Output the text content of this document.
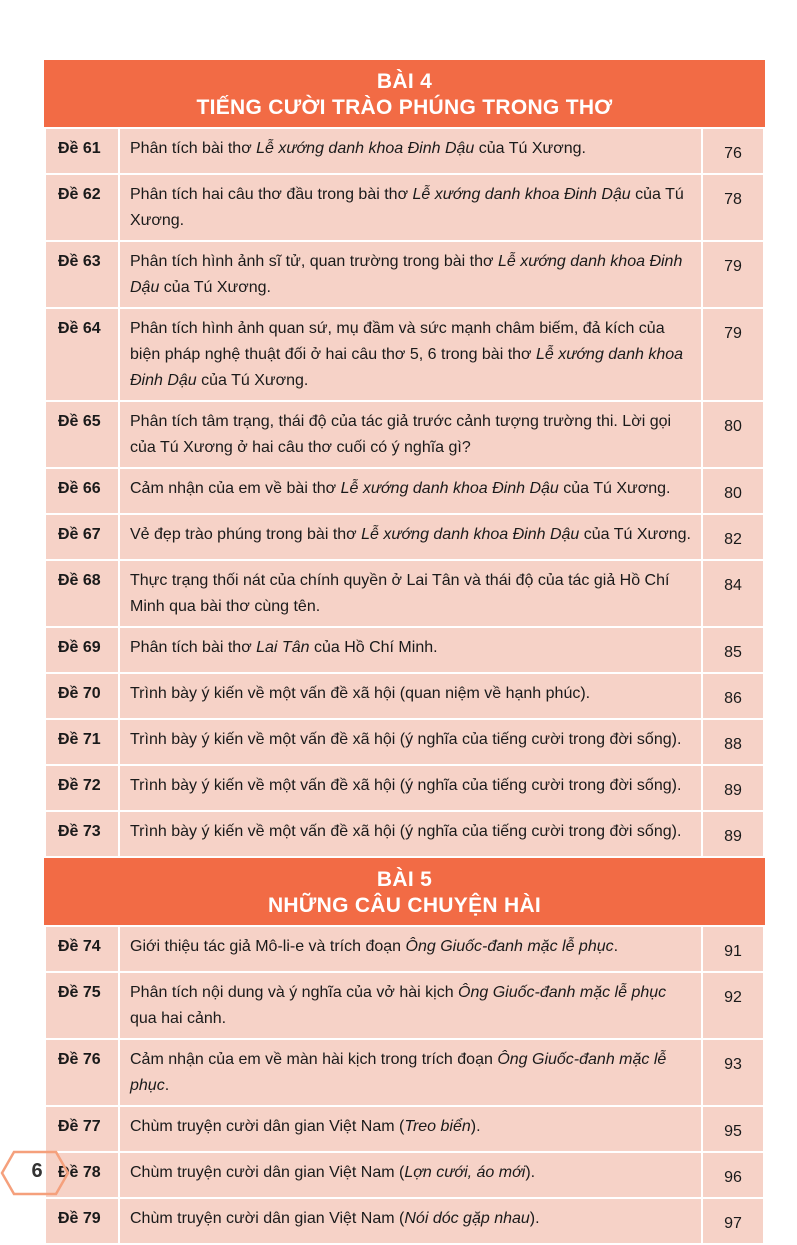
BÀI 4
TIẾNG CƯỜI TRÀO PHÚNG TRONG THƠ
Đề 61	Phân tích bài thơ Lễ xướng danh khoa Đinh Dậu của Tú Xương.	76
Đề 62	Phân tích hai câu thơ đầu trong bài thơ Lễ xướng danh khoa Đinh Dậu của Tú Xương.	78
Đề 63	Phân tích hình ảnh sĩ tử, quan trường trong bài thơ Lễ xướng danh khoa Đinh Dậu của Tú Xương.	79
Đề 64	Phân tích hình ảnh quan sứ, mụ đầm và sức mạnh châm biếm, đả kích của biện pháp nghệ thuật đối ở hai câu thơ 5, 6 trong bài thơ Lễ xướng danh khoa Đinh Dậu của Tú Xương.	79
Đề 65	Phân tích tâm trạng, thái độ của tác giả trước cảnh tượng trường thi. Lời gọi của Tú Xương ở hai câu thơ cuối có ý nghĩa gì?	80
Đề 66	Cảm nhận của em về bài thơ Lễ xướng danh khoa Đinh Dậu của Tú Xương.	80
Đề 67	Vẻ đẹp trào phúng trong bài thơ Lễ xướng danh khoa Đinh Dậu của Tú Xương.	82
Đề 68	Thực trạng thối nát của chính quyền ở Lai Tân và thái độ của tác giả Hồ Chí Minh qua bài thơ cùng tên.	84
Đề 69	Phân tích bài thơ Lai Tân của Hồ Chí Minh.	85
Đề 70	Trình bày ý kiến về một vấn đề xã hội (quan niệm về hạnh phúc).	86
Đề 71	Trình bày ý kiến về một vấn đề xã hội (ý nghĩa của tiếng cười trong đời sống).	88
Đề 72	Trình bày ý kiến về một vấn đề xã hội (ý nghĩa của tiếng cười trong đời sống).	89
Đề 73	Trình bày ý kiến về một vấn đề xã hội (ý nghĩa của tiếng cười trong đời sống).	89
BÀI 5
NHỮNG CÂU CHUYỆN HÀI
Đề 74	Giới thiệu tác giả Mô-li-e và trích đoạn Ông Giuốc-đanh mặc lễ phục.	91
Đề 75	Phân tích nội dung và ý nghĩa của vở hài kịch Ông Giuốc-đanh mặc lễ phục qua hai cảnh.	92
Đề 76	Cảm nhận của em về màn hài kịch trong trích đoạn Ông Giuốc-đanh mặc lễ phục.	93
Đề 77	Chùm truyện cười dân gian Việt Nam (Treo biển).	95
Đề 78	Chùm truyện cười dân gian Việt Nam (Lợn cưới, áo mới).	96
Đề 79	Chùm truyện cười dân gian Việt Nam (Nói dóc gặp nhau).	97
6
